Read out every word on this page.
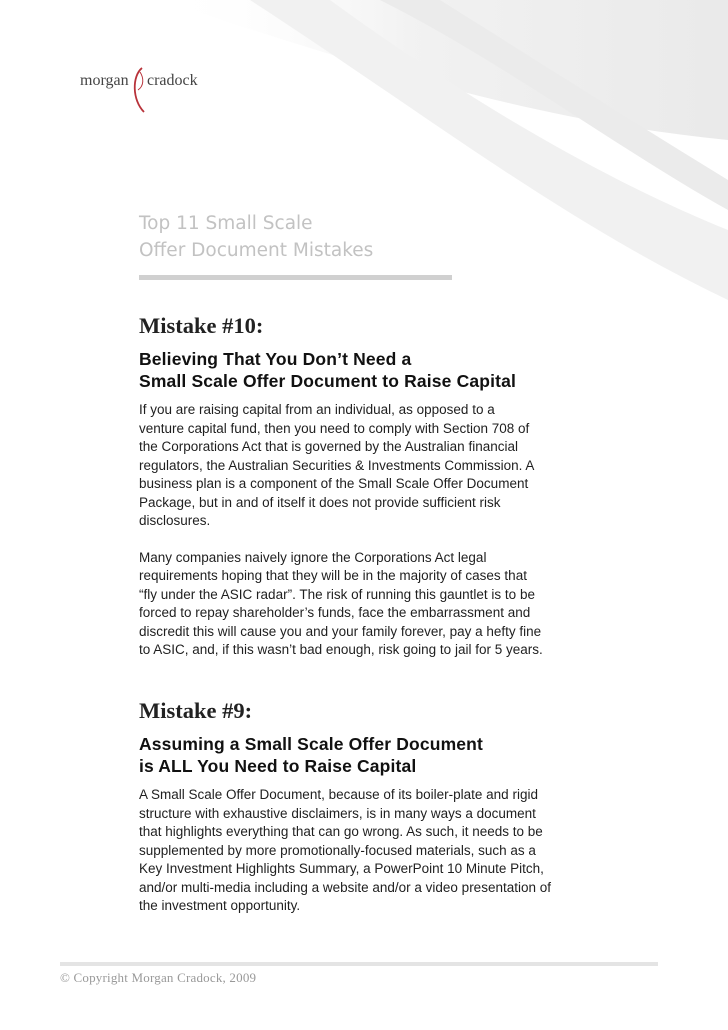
morgan cradock
Top 11 Small Scale
Offer Document Mistakes
Mistake #10:
Believing That You Don’t Need a
Small Scale Offer Document to Raise Capital

If you are raising capital from an individual, as opposed to a
venture capital fund, then you need to comply with Section 708 of
the Corporations Act that is governed by the Australian financial
regulators, the Australian Securities & Investments Commission. A
business plan is a component of the Small Scale Offer Document
Package, but in and of itself it does not provide sufficient risk
disclosures.

Many companies naively ignore the Corporations Act legal
requirements hoping that they will be in the majority of cases that
“fly under the ASIC radar”. The risk of running this gauntlet is to be
forced to repay shareholder’s funds, face the embarrassment and
discredit this will cause you and your family forever, pay a hefty fine
to ASIC, and, if this wasn’t bad enough, risk going to jail for 5 years.

Mistake #9:
Assuming a Small Scale Offer Document
is ALL You Need to Raise Capital

A Small Scale Offer Document, because of its boiler-plate and rigid
structure with exhaustive disclaimers, is in many ways a document
that highlights everything that can go wrong. As such, it needs to be
supplemented by more promotionally-focused materials, such as a
Key Investment Highlights Summary, a PowerPoint 10 Minute Pitch,
and/or multi-media including a website and/or a video presentation of
the investment opportunity.

© Copyright Morgan Cradock, 2009
